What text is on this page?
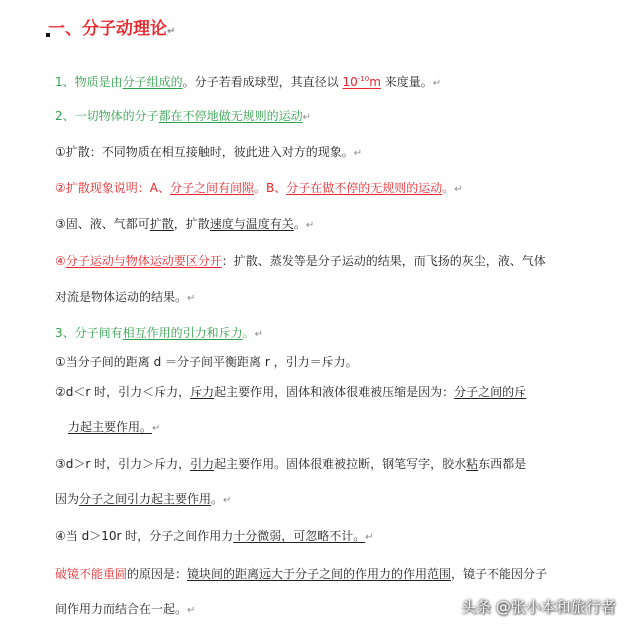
一、分子动理论↵
1、物质是由分子组成的。分子若看成球型，其直径以 $10^{-10}m$ 来度量。↵
2、一切物体的分子都在不停地做无规则的运动↵
①扩散：不同物质在相互接触时，彼此进入对方的现象。↵
②扩散现象说明：A、分子之间有间隙。B、分子在做不停的无规则的运动。↵
③固、液、气都可扩散，扩散速度与温度有关。↵
④分子运动与物体运动要区分开：扩散、蒸发等是分子运动的结果，而飞扬的灰尘，液、气体
对流是物体运动的结果。↵
3、分子间有相互作用的引力和斥力。↵
①当分子间的距离 d ＝分子间平衡距离 r ，引力＝斥力。
②d＜r 时，引力＜斥力，斥力起主要作用，固体和液体很难被压缩是因为：分子之间的斥
力起主要作用。↵
③d＞r 时，引力＞斥力，引力起主要作用。固体很难被拉断，钢笔写字，胶水粘东西都是
因为分子之间引力起主要作用。↵
④当 d＞10r 时，分子之间作用力十分微弱，可忽略不计。↵
破镜不能重圆的原因是：镜块间的距离远大于分子之间的作用力的作用范围，镜子不能因分子
间作用力而结合在一起。↵	头条 @张小本和旅行者
